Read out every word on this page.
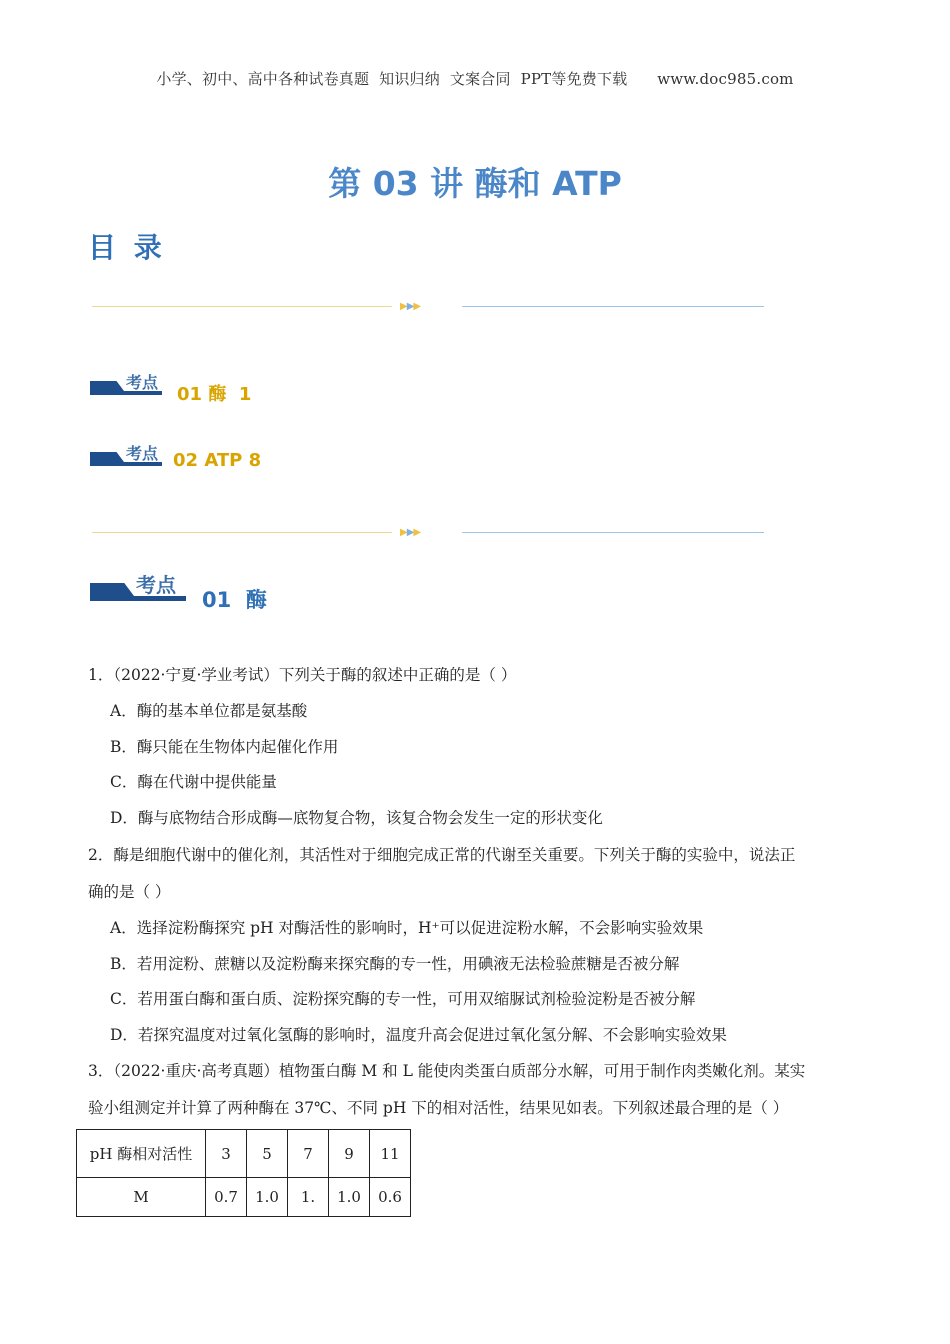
小学、初中、高中各种试卷真题  知识归纳  文案合同  PPT等免费下载      www.doc985.com
第 03 讲 酶和 ATP
目 录
▶▶▶
考点
01 酶  1
考点 02 ATP 8
▶▶▶
考点
01  酶
1．（2022·宁夏·学业考试）下列关于酶的叙述中正确的是（ ）
A．酶的基本单位都是氨基酸
B．酶只能在生物体内起催化作用
C．酶在代谢中提供能量
D．酶与底物结合形成酶—底物复合物，该复合物会发生一定的形状变化
2．酶是细胞代谢中的催化剂，其活性对于细胞完成正常的代谢至关重要。下列关于酶的实验中，说法正
确的是（ ）
A．选择淀粉酶探究 pH 对酶活性的影响时，H⁺可以促进淀粉水解，不会影响实验效果
B．若用淀粉、蔗糖以及淀粉酶来探究酶的专一性，用碘液无法检验蔗糖是否被分解
C．若用蛋白酶和蛋白质、淀粉探究酶的专一性，可用双缩脲试剂检验淀粉是否被分解
D．若探究温度对过氧化氢酶的影响时，温度升高会促进过氧化氢分解、不会影响实验效果
3．（2022·重庆·高考真题）植物蛋白酶 M 和 L 能使肉类蛋白质部分水解，可用于制作肉类嫩化剂。某实
验小组测定并计算了两种酶在 37℃、不同 pH 下的相对活性，结果见如表。下列叙述最合理的是（ ）
pH 酶相对活性	3	5	7	9	11
M	0.7	1.0	1.	1.0	0.6
